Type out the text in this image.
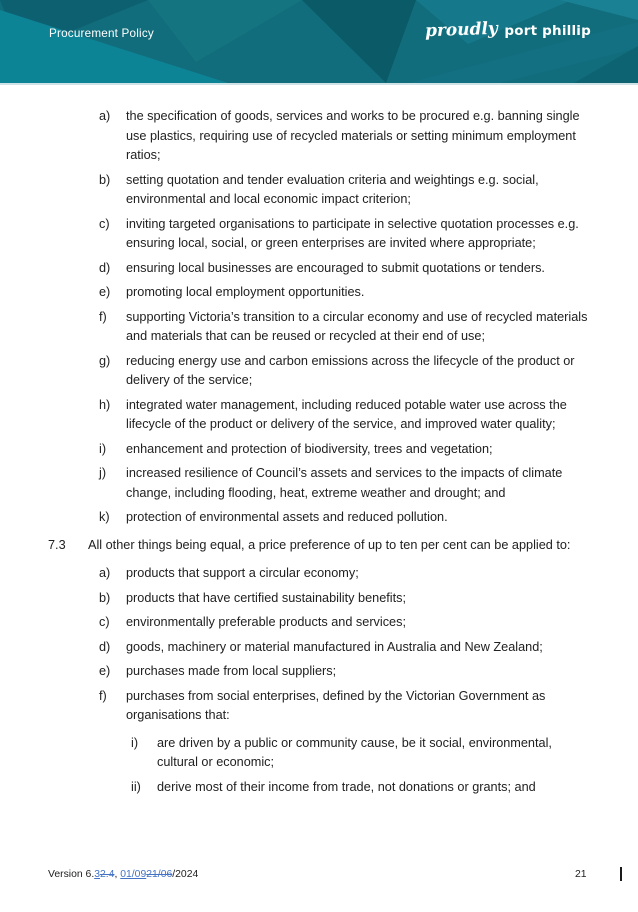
Procurement Policy	proudly port phillip
a)	the specification of goods, services and works to be procured e.g. banning single use plastics, requiring use of recycled materials or setting minimum employment ratios;
b)	setting quotation and tender evaluation criteria and weightings e.g. social, environmental and local economic impact criterion;
c)	inviting targeted organisations to participate in selective quotation processes e.g. ensuring local, social, or green enterprises are invited where appropriate;
d)	ensuring local businesses are encouraged to submit quotations or tenders.
e)	promoting local employment opportunities.
f)	supporting Victoria’s transition to a circular economy and use of recycled materials and materials that can be reused or recycled at their end of use;
g)	reducing energy use and carbon emissions across the lifecycle of the product or delivery of the service;
h)	integrated water management, including reduced potable water use across the lifecycle of the product or delivery of the service, and improved water quality;
i)	enhancement and protection of biodiversity, trees and vegetation;
j)	increased resilience of Council’s assets and services to the impacts of climate change, including flooding, heat, extreme weather and drought; and
k)	protection of environmental assets and reduced pollution.
7.3	All other things being equal, a price preference of up to ten per cent can be applied to:
a)	products that support a circular economy;
b)	products that have certified sustainability benefits;
c)	environmentally preferable products and services;
d)	goods, machinery or material manufactured in Australia and New Zealand;
e)	purchases made from local suppliers;
f)	purchases from social enterprises, defined by the Victorian Government as organisations that:
i)	are driven by a public or community cause, be it social, environmental, cultural or economic;
ii)	derive most of their income from trade, not donations or grants; and
Version 6.32.4, 01/0921/06/2024	21
